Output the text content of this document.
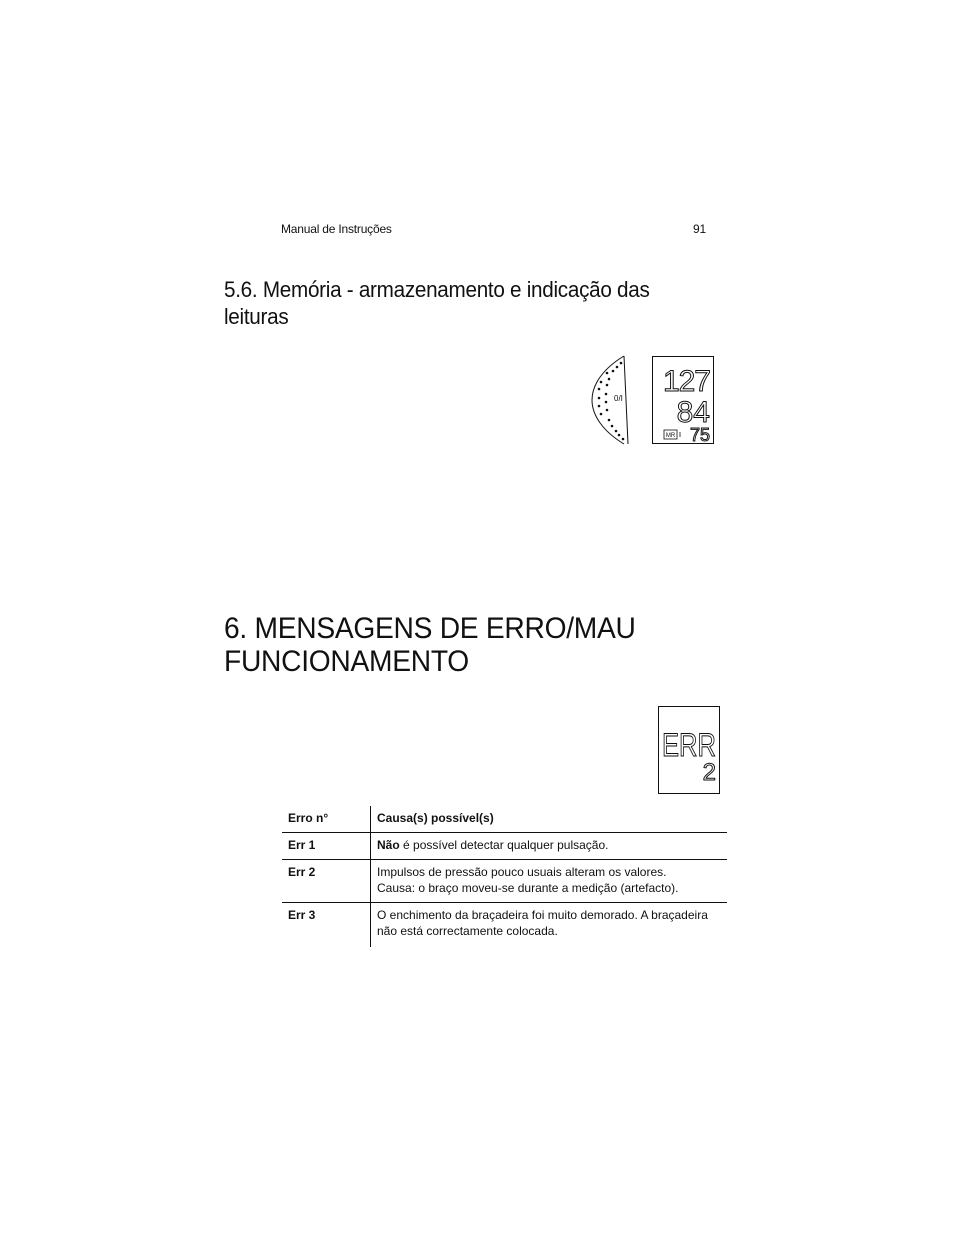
Manual de Instruções	91
5.6. Memória - armazenamento e indicação das leituras
0/I
127
84
75
MR
6. MENSAGENS DE ERRO/MAU FUNCIONAMENTO
ERR
2
Erro n°	Causa(s) possível(s)
Err 1	Não é possível detectar qualquer pulsação.
Err 2	Impulsos de pressão pouco usuais alteram os valores.
Causa: o braço moveu-se durante a medição (artefacto).

Err 3	O enchimento da braçadeira foi muito demorado. A braçadeira não está correctamente colocada.
